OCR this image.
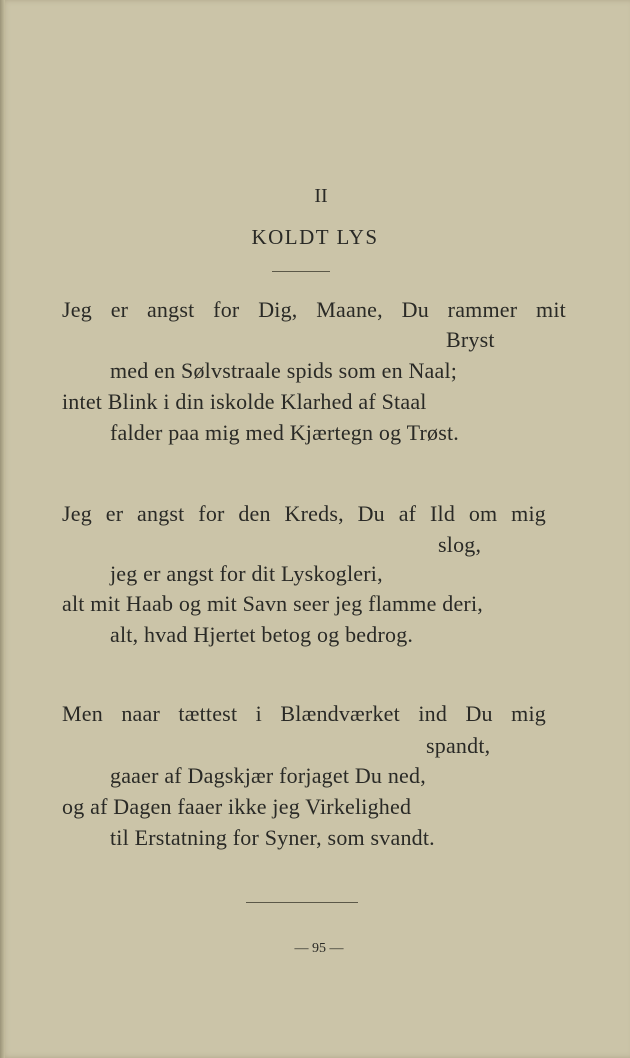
II
KOLDT LYS
Jeg er angst for Dig, Maane, Du rammer mit
Bryst
med en Sølvstraale spids som en Naal;
intet Blink i din iskolde Klarhed af Staal
falder paa mig med Kjærtegn og Trøst.
Jeg er angst for den Kreds, Du af Ild om mig
slog,
jeg er angst for dit Lyskogleri,
alt mit Haab og mit Savn seer jeg flamme deri,
alt, hvad Hjertet betog og bedrog.
Men naar tættest i Blændværket ind Du mig
spandt,
gaaer af Dagskjær forjaget Du ned,
og af Dagen faaer ikke jeg Virkelighed
til Erstatning for Syner, som svandt.
— 95 —
